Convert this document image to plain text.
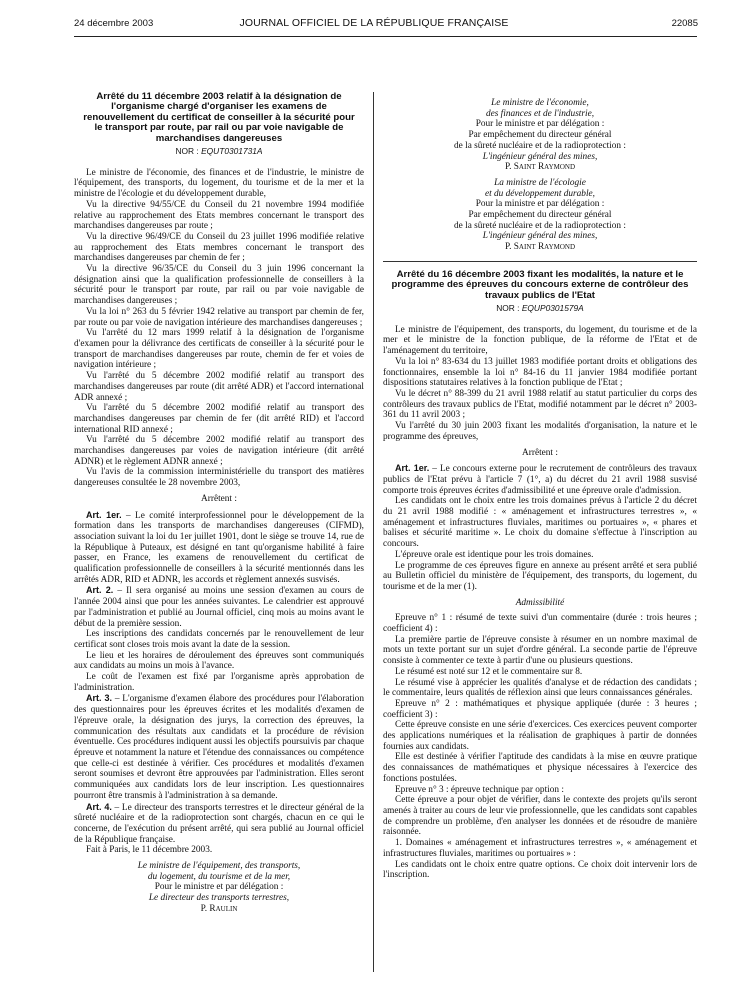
24 décembre 2003	JOURNAL OFFICIEL DE LA RÉPUBLIQUE FRANÇAISE	22085
Arrêté du 11 décembre 2003 relatif à la désignation de l'organisme chargé d'organiser les examens de renouvellement du certificat de conseiller à la sécurité pour le transport par route, par rail ou par voie navigable de marchandises dangereuses
NOR : EQUT0301731A

Le ministre de l'économie, des finances et de l'industrie, le ministre de l'équipement, des transports, du logement, du tourisme et de la mer et la ministre de l'écologie et du développement durable,

Vu la directive 94/55/CE du Conseil du 21 novembre 1994 modifiée relative au rapprochement des Etats membres concernant le transport des marchandises dangereuses par route ;

Vu la directive 96/49/CE du Conseil du 23 juillet 1996 modifiée relative au rapprochement des Etats membres concernant le transport des marchandises dangereuses par chemin de fer ;

Vu la directive 96/35/CE du Conseil du 3 juin 1996 concernant la désignation ainsi que la qualification professionnelle de conseillers à la sécurité pour le transport par route, par rail ou par voie navigable de marchandises dangereuses ;

Vu la loi n° 263 du 5 février 1942 relative au transport par chemin de fer, par route ou par voie de navigation intérieure des marchandises dangereuses ;

Vu l'arrêté du 12 mars 1999 relatif à la désignation de l'organisme d'examen pour la délivrance des certificats de conseiller à la sécurité pour le transport de marchandises dangereuses par route, chemin de fer et voies de navigation intérieure ;

Vu l'arrêté du 5 décembre 2002 modifié relatif au transport des marchandises dangereuses par route (dit arrêté ADR) et l'accord international ADR annexé ;

Vu l'arrêté du 5 décembre 2002 modifié relatif au transport des marchandises dangereuses par chemin de fer (dit arrêté RID) et l'accord international RID annexé ;

Vu l'arrêté du 5 décembre 2002 modifié relatif au transport des marchandises dangereuses par voies de navigation intérieure (dit arrêté ADNR) et le règlement ADNR annexé ;

Vu l'avis de la commission interministérielle du transport des matières dangereuses consultée le 28 novembre 2003,

Arrêtent :

Art. 1er. – Le comité interprofessionnel pour le développement de la formation dans les transports de marchandises dangereuses (CIFMD), association suivant la loi du 1er juillet 1901, dont le siège se trouve 14, rue de la République à Puteaux, est désigné en tant qu'organisme habilité à faire passer, en France, les examens de renouvellement du certificat de qualification professionnelle de conseillers à la sécurité mentionnés dans les arrêtés ADR, RID et ADNR, les accords et règlement annexés susvisés.

Art. 2. – Il sera organisé au moins une session d'examen au cours de l'année 2004 ainsi que pour les années suivantes. Le calendrier est approuvé par l'administration et publié au Journal officiel, cinq mois au moins avant le début de la première session.

Les inscriptions des candidats concernés par le renouvellement de leur certificat sont closes trois mois avant la date de la session.

Le lieu et les horaires de déroulement des épreuves sont communiqués aux candidats au moins un mois à l'avance.

Le coût de l'examen est fixé par l'organisme après approbation de l'administration.

Art. 3. – L'organisme d'examen élabore des procédures pour l'élaboration des questionnaires pour les épreuves écrites et les modalités d'examen de l'épreuve orale, la désignation des jurys, la correction des épreuves, la communication des résultats aux candidats et la procédure de révision éventuelle. Ces procédures indiquent aussi les objectifs poursuivis par chaque épreuve et notamment la nature et l'étendue des connaissances ou compétence que celle-ci est destinée à vérifier. Ces procédures et modalités d'examen seront soumises et devront être approuvées par l'administration. Elles seront communiquées aux candidats lors de leur inscription. Les questionnaires pourront être transmis à l'administration à sa demande.

Art. 4. – Le directeur des transports terrestres et le directeur général de la sûreté nucléaire et de la radioprotection sont chargés, chacun en ce qui le concerne, de l'exécution du présent arrêté, qui sera publié au Journal officiel de la République française.

Fait à Paris, le 11 décembre 2003.

Le ministre de l'équipement, des transports,

du logement, du tourisme et de la mer,

Pour le ministre et par délégation :

Le directeur des transports terrestres,

P. Raulin

Le ministre de l'économie,

des finances et de l'industrie,

Pour le ministre et par délégation :

Par empêchement du directeur général

de la sûreté nucléaire et de la radioprotection :

L'ingénieur général des mines,

P. Saint Raymond

La ministre de l'écologie

et du développement durable,

Pour la ministre et par délégation :

Par empêchement du directeur général

de la sûreté nucléaire et de la radioprotection :

L'ingénieur général des mines,

P. Saint Raymond

Arrêté du 16 décembre 2003 fixant les modalités, la nature et le programme des épreuves du concours externe de contrôleur des travaux publics de l'Etat
NOR : EQUP0301579A

Le ministre de l'équipement, des transports, du logement, du tourisme et de la mer et le ministre de la fonction publique, de la réforme de l'Etat et de l'aménagement du territoire,

Vu la loi n° 83-634 du 13 juillet 1983 modifiée portant droits et obligations des fonctionnaires, ensemble la loi n° 84-16 du 11 janvier 1984 modifiée portant dispositions statutaires relatives à la fonction publique de l'Etat ;

Vu le décret n° 88-399 du 21 avril 1988 relatif au statut particulier du corps des contrôleurs des travaux publics de l'Etat, modifié notamment par le décret n° 2003-361 du 11 avril 2003 ;

Vu l'arrêté du 30 juin 2003 fixant les modalités d'organisation, la nature et le programme des épreuves,

Arrêtent :

Art. 1er. – Le concours externe pour le recrutement de contrôleurs des travaux publics de l'Etat prévu à l'article 7 (1°, a) du décret du 21 avril 1988 susvisé comporte trois épreuves écrites d'admissibilité et une épreuve orale d'admission.

Les candidats ont le choix entre les trois domaines prévus à l'article 2 du décret du 21 avril 1988 modifié : « aménagement et infrastructures terrestres », « aménagement et infrastructures fluviales, maritimes ou portuaires », « phares et balises et sécurité maritime ». Le choix du domaine s'effectue à l'inscription au concours.

L'épreuve orale est identique pour les trois domaines.

Le programme de ces épreuves figure en annexe au présent arrêté et sera publié au Bulletin officiel du ministère de l'équipement, des transports, du logement, du tourisme et de la mer (1).

Admissibilité

Epreuve n° 1 : résumé de texte suivi d'un commentaire (durée : trois heures ; coefficient 4) :

La première partie de l'épreuve consiste à résumer en un nombre maximal de mots un texte portant sur un sujet d'ordre général. La seconde partie de l'épreuve consiste à commenter ce texte à partir d'une ou plusieurs questions.

Le résumé est noté sur 12 et le commentaire sur 8.

Le résumé vise à apprécier les qualités d'analyse et de rédaction des candidats ; le commentaire, leurs qualités de réflexion ainsi que leurs connaissances générales.

Epreuve n° 2 : mathématiques et physique appliquée (durée : 3 heures ; coefficient 3) :

Cette épreuve consiste en une série d'exercices. Ces exercices peuvent comporter des applications numériques et la réalisation de graphiques à partir de données fournies aux candidats.

Elle est destinée à vérifier l'aptitude des candidats à la mise en œuvre pratique des connaissances de mathématiques et physique nécessaires à l'exercice des fonctions postulées.

Epreuve n° 3 : épreuve technique par option :

Cette épreuve a pour objet de vérifier, dans le contexte des projets qu'ils seront amenés à traiter au cours de leur vie professionnelle, que les candidats sont capables de comprendre un problème, d'en analyser les données et de résoudre de manière raisonnée.

1. Domaines « aménagement et infrastructures terrestres », « aménagement et infrastructures fluviales, maritimes ou portuaires » :

Les candidats ont le choix entre quatre options. Ce choix doit intervenir lors de l'inscription.
